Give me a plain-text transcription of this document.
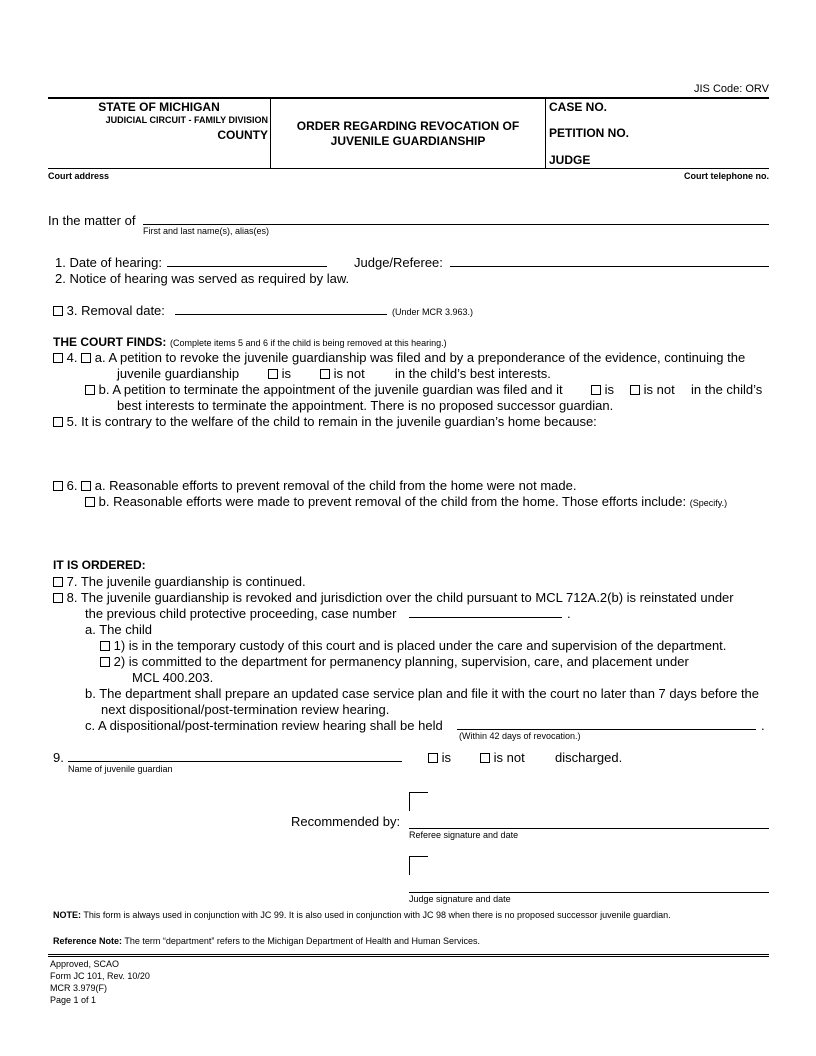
JIS Code: ORV
STATE OF MICHIGAN
JUDICIAL CIRCUIT - FAMILY DIVISION
COUNTY
ORDER REGARDING REVOCATION OF
JUVENILE GUARDIANSHIP
CASE NO.
PETITION NO.
JUDGE
Court address	Court telephone no.
In the matter of
First and last name(s), alias(es)
1. Date of hearing:	Judge/Referee:
2. Notice of hearing was served as required by law.
3. Removal date:	(Under MCR 3.963.)
THE COURT FINDS: (Complete items 5 and 6 if the child is being removed at this hearing.)
4. a. A petition to revoke the juvenile guardianship was filed and by a preponderance of the evidence, continuing the
juvenile guardianship	is	is not in the child’s best interests.
b. A petition to terminate the appointment of the juvenile guardian was filed and it	is	is not in the child’s
best interests to terminate the appointment. There is no proposed successor guardian.
5. It is contrary to the welfare of the child to remain in the juvenile guardian’s home because:
6. a. Reasonable efforts to prevent removal of the child from the home were not made.
b. Reasonable efforts were made to prevent removal of the child from the home. Those efforts include: (Specify.)
IT IS ORDERED:
7. The juvenile guardianship is continued.
8. The juvenile guardianship is revoked and jurisdiction over the child pursuant to MCL 712A.2(b) is reinstated under
the previous child protective proceeding, case number	.
a. The child
1) is in the temporary custody of this court and is placed under the care and supervision of the department.
2) is committed to the department for permanency planning, supervision, care, and placement under
MCL 400.203.
b. The department shall prepare an updated case service plan and file it with the court no later than 7 days before the
next dispositional/post-termination review hearing.
c. A dispositional/post-termination review hearing shall be held	.
(Within 42 days of revocation.)
9.
Name of juvenile guardian
is	is not discharged.
Recommended by:
Referee signature and date
Judge signature and date
NOTE: This form is always used in conjunction with JC 99. It is also used in conjunction with JC 98 when there is no proposed successor juvenile guardian.
Reference Note: The term “department” refers to the Michigan Department of Health and Human Services.
Approved, SCAO
Form JC 101, Rev. 10/20
MCR 3.979(F)
Page 1 of 1
